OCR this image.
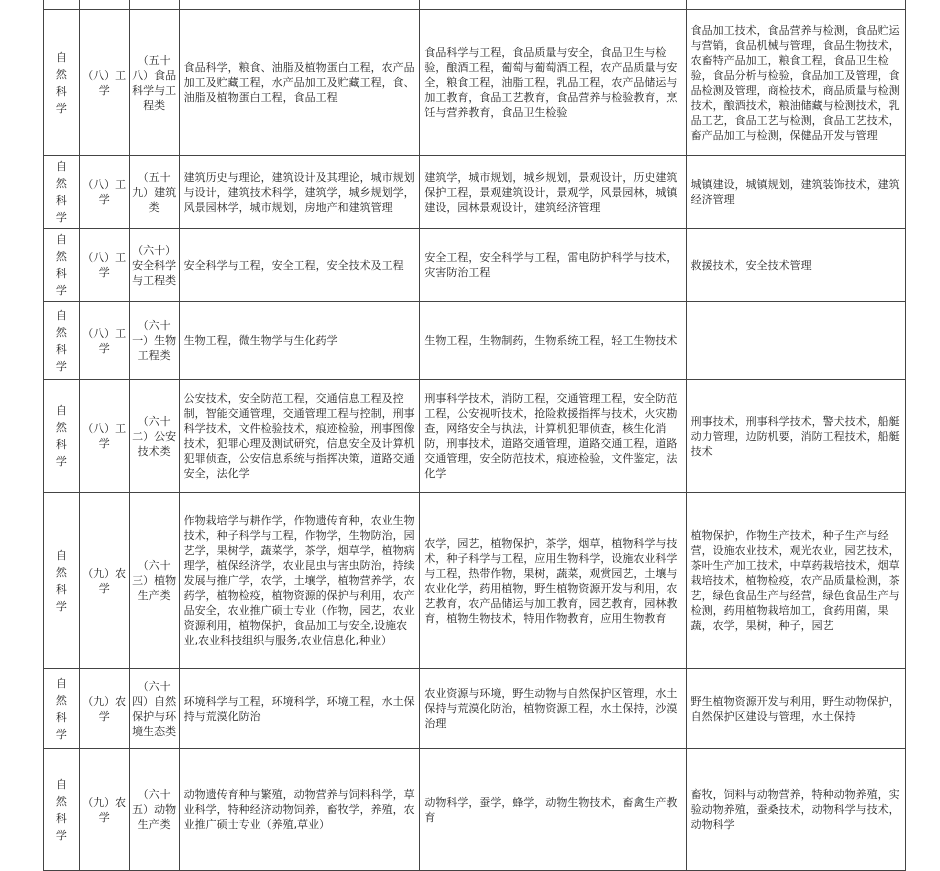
自然科学	（八）工学	（五十八）食品科学与工程类	食品科学，粮食、油脂及植物蛋白工程，农产品加工及贮藏工程，水产品加工及贮藏工程，食、油脂及植物蛋白工程，食品工程	食品科学与工程，食品质量与安全，食品卫生与检验，酿酒工程，葡萄与葡萄酒工程，农产品质量与安全，粮食工程，油脂工程，乳品工程，农产品储运与加工教育，食品工艺教育，食品营养与检验教育，烹饪与营养教育，食品卫生检验	食品加工技术，食品营养与检测，食品贮运与营销，食品机械与管理，食品生物技术，农畜特产品加工，粮食工程，食品卫生检验，食品分析与检验，食品加工及管理，食品检测及管理，商检技术，商品质量与检测技术，酿酒技术，粮油储藏与检测技术，乳品工艺，食品工艺与检测，食品工艺技术，畜产品加工与检测，保健品开发与管理
自然科学	（八）工学	（五十九）建筑类	建筑历史与理论，建筑设计及其理论，城市规划与设计，建筑技术科学，建筑学，城乡规划学，风景园林学，城市规划，房地产和建筑管理	建筑学，城市规划，城乡规划，景观设计，历史建筑保护工程，景观建筑设计，景观学，风景园林，城镇建设，园林景观设计，建筑经济管理	城镇建设，城镇规划，建筑装饰技术，建筑经济管理
自然科学	（八）工学	（六十）安全科学与工程类	安全科学与工程，安全工程，安全技术及工程	安全工程，安全科学与工程，雷电防护科学与技术，灾害防治工程	救援技术，安全技术管理
自然科学	（八）工学	（六十一）生物工程类	生物工程，微生物学与生化药学	生物工程，生物制药，生物系统工程，轻工生物技术	
自然科学	（八）工学	（六十二）公安技术类	公安技术，安全防范工程，交通信息工程及控制，智能交通管理，交通管理工程与控制，刑事科学技术，文件检验技术，痕迹检验，刑事图像技术，犯罪心理及测试研究，信息安全及计算机犯罪侦查，公安信息系统与指挥决策，道路交通安全，法化学	刑事科学技术，消防工程，交通管理工程，安全防范工程，公安视听技术，抢险救援指挥与技术，火灾勘查，网络安全与执法，计算机犯罪侦查，核生化消防，刑事技术，道路交通管理，道路交通工程，道路交通管理，安全防范技术，痕迹检验，文件鉴定，法化学	刑事技术，刑事科学技术，警犬技术，船艇动力管理，边防机要，消防工程技术，船艇技术
自然科学	（九）农学	（六十三）植物生产类	作物栽培学与耕作学，作物遗传育种，农业生物技术，种子科学与工程，作物学，生物防治，园艺学，果树学，蔬菜学，茶学，烟草学，植物病理学，植保经济学，农业昆虫与害虫防治，持续发展与推广学，农学，土壤学，植物营养学，农药学，植物检疫，植物资源的保护与利用，农产品安全，农业推广硕士专业（作物，园艺，农业资源利用，植物保护，食品加工与安全,设施农业,农业科技组织与服务,农业信息化,种业）	农学，园艺，植物保护，茶学，烟草，植物科学与技术，种子科学与工程，应用生物科学，设施农业科学与工程，热带作物，果树，蔬菜，观赏园艺，土壤与农业化学，药用植物，野生植物资源开发与利用，农艺教育，农产品储运与加工教育，园艺教育，园林教育，植物生物技术，特用作物教育，应用生物教育	植物保护，作物生产技术，种子生产与经营，设施农业技术，观光农业，园艺技术，茶叶生产加工技术，中草药栽培技术，烟草栽培技术，植物检疫，农产品质量检测，茶艺，绿色食品生产与经营，绿色食品生产与检测，药用植物栽培加工，食药用菌，果蔬，农学，果树，种子，园艺
自然科学	（九）农学	（六十四）自然保护与环境生态类	环境科学与工程，环境科学，环境工程，水土保持与荒漠化防治	农业资源与环境，野生动物与自然保护区管理，水土保持与荒漠化防治，植物资源工程，水土保持，沙漠治理	野生植物资源开发与利用，野生动物保护，自然保护区建设与管理，水土保持
自然科学	（九）农学	（六十五）动物生产类	动物遗传育种与繁殖，动物营养与饲料科学，草业科学，特种经济动物饲养，畜牧学，养殖，农业推广硕士专业（养殖,草业）	动物科学，蚕学，蜂学，动物生物技术，畜禽生产教育	畜牧，饲料与动物营养，特种动物养殖，实验动物养殖，蚕桑技术，动物科学与技术，动物科学
